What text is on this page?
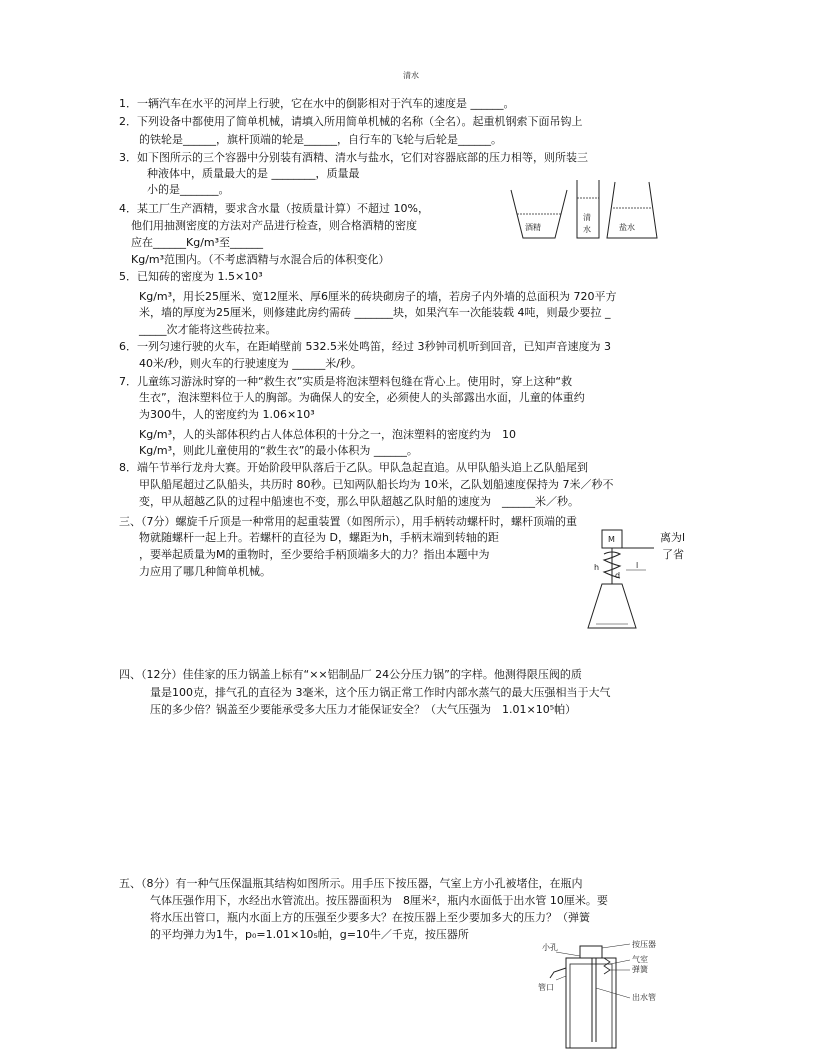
1．一辆汽车在水平的河岸上行驶，它在水中的倒影相对于汽车的速度是 ______。
2．下列设备中都使用了简单机械，请填入所用简单机械的名称（全名）。起重机钢索下面吊钩上
的铁轮是______，旗杆顶端的轮是______，自行车的飞轮与后轮是______。
3．如下图所示的三个容器中分别装有酒精、清水与盐水，它们对容器底部的压力相等，则所装三
种液体中，质量最大的是 ________，质量最
小的是_______。
4．某工厂生产酒精，要求含水量（按质量计算）不超过 10%，
他们用抽测密度的方法对产品进行检查，则合格酒精的密度
应在______Kg/m³至______
Kg/m³范围内。（不考虑酒精与水混合后的体积变化）
5．已知砖的密度为 1.5×10³
Kg/m³，用长25厘米、宽12厘米、厚6厘米的砖块砌房子的墙，若房子内外墙的总面积为 720平方
米，墙的厚度为25厘米，则修建此房约需砖 _______块，如果汽车一次能装载 4吨，则最少要拉 _
_____次才能将这些砖拉来。
6．一列匀速行驶的火车，在距峭壁前 532.5米处鸣笛，经过 3秒钟司机听到回音，已知声音速度为 3
40米/秒，则火车的行驶速度为 ______米/秒。
7．儿童练习游泳时穿的一种“救生衣”实质是将泡沫塑料包缝在背心上。使用时，穿上这种“救
生衣”，泡沫塑料位于人的胸部。为确保人的安全，必须使人的头部露出水面，儿童的体重约
为300牛，人的密度约为 1.06×10³
Kg/m³，人的头部体积约占人体总体积的十分之一，泡沫塑料的密度约为　10
Kg/m³，则此儿童使用的“救生衣”的最小体积为 ______。
8．端午节举行龙舟大赛。开始阶段甲队落后于乙队。甲队急起直追。从甲队船头追上乙队船尾到
甲队船尾超过乙队船头，共历时 80秒。已知两队船长均为 10米，乙队划船速度保持为 7米／秒不
变，甲从超越乙队的过程中船速也不变，那么甲队超越乙队时船的速度为　______米／秒。
三、（7分）螺旋千斤顶是一种常用的起重装置（如图所示），用手柄转动螺杆时，螺杆顶端的重
物就随螺杆一起上升。若螺杆的直径为 D，螺距为h，手柄末端到转轴的距	离为l
，要举起质量为M的重物时，至少要给手柄顶端多大的力？指出本题中为	了省
力应用了哪几种简单机械。
四、（12分）佳佳家的压力锅盖上标有“××铝制品厂 24公分压力锅”的字样。他测得限压阀的质
量是100克，排气孔的直径为 3毫米，这个压力锅正常工作时内部水蒸气的最大压强相当于大气
压的多少倍？锅盖至少要能承受多大压力才能保证安全？（大气压强为　1.01×10⁵帕）
五、（8分）有一种气压保温瓶其结构如图所示。用手压下按压器，气室上方小孔被堵住，在瓶内
气体压强作用下，水经出水管流出。按压器面积为　8厘米²，瓶内水面低于出水管 10厘米。要
将水压出管口，瓶内水面上方的压强至少要多大？在按压器上至少要加多大的压力？（弹簧
的平均弹力为1牛，p₀=1.01×10₅帕，g=10牛／千克，按压器所
酒精
清
水
清水
盐水
M
h	l
d
小孔	按压器
气室
弹簧
管口
出水管
